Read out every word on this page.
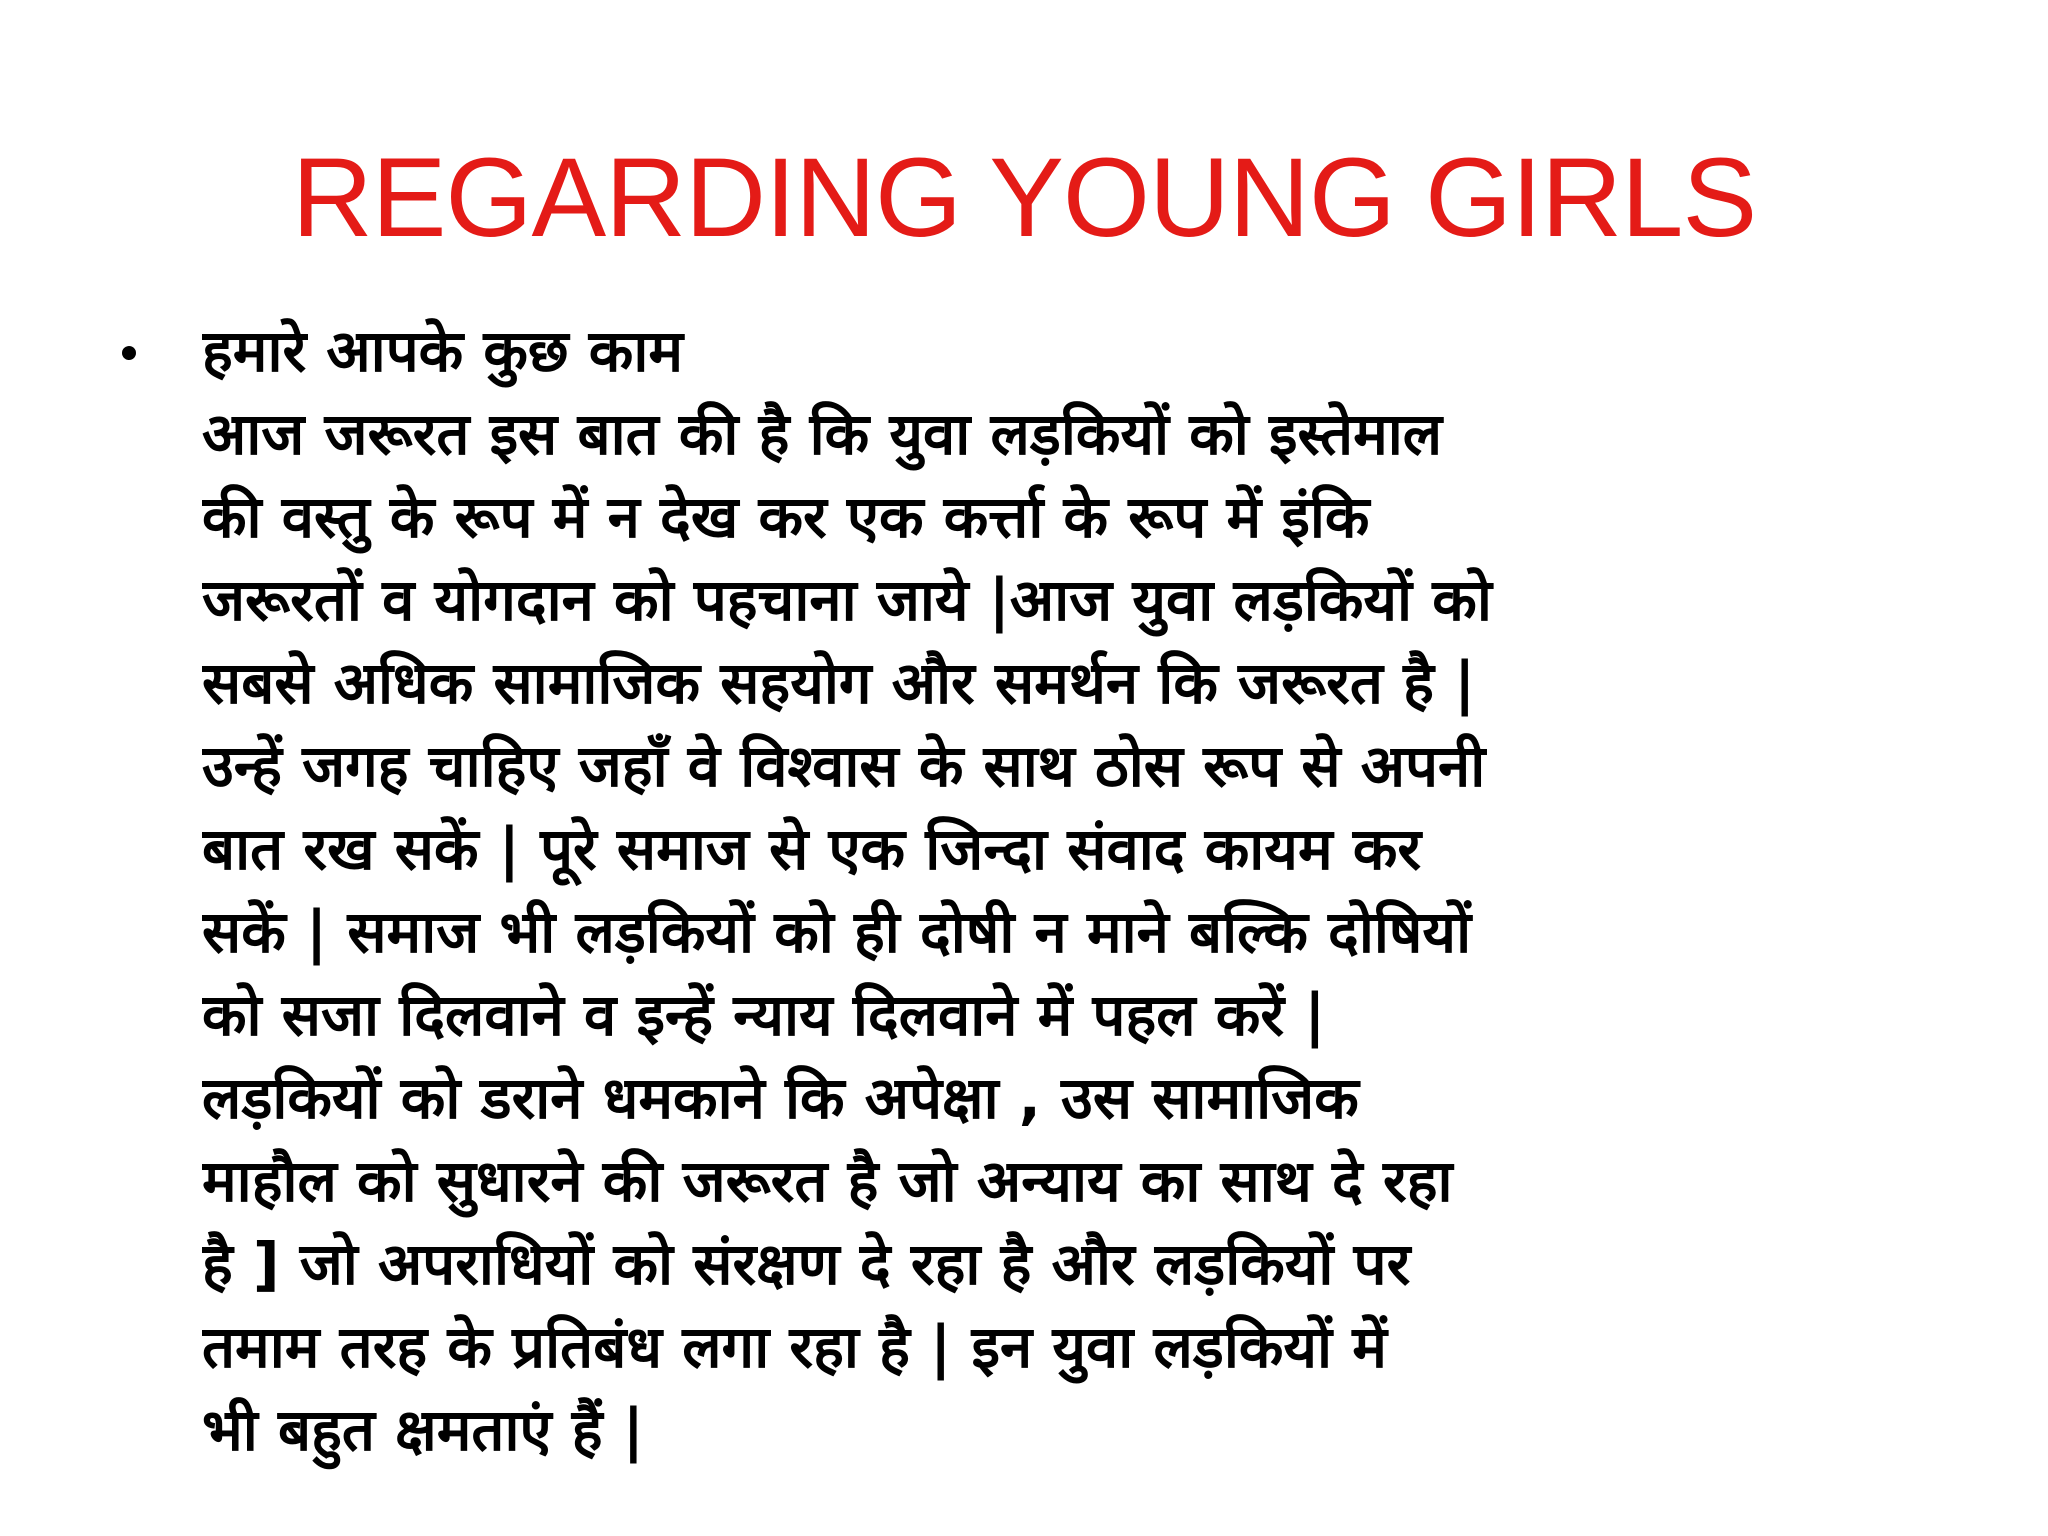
REGARDING YOUNG GIRLS
हमारे आपके कुछ काम
आज जरूरत इस बात की है कि युवा लड़कियों को इस्तेमाल
की वस्तु के रूप में न देख कर एक कर्त्ता के रूप में इंकि
जरूरतों व योगदान को पहचाना जाये |आज युवा लड़कियों को
सबसे अधिक सामाजिक सहयोग और समर्थन कि जरूरत है |
उन्हें जगह चाहिए जहाँ वे विश्वास के साथ ठोस रूप से अपनी
बात रख सकें | पूरे समाज से एक जिन्दा संवाद कायम कर
सकें | समाज भी लड़कियों को ही दोषी न माने बल्कि दोषियों
को सजा दिलवाने व इन्हें न्याय दिलवाने में पहल करें |
लड़कियों को डराने धमकाने कि अपेक्षा , उस सामाजिक
माहौल को सुधारने की जरूरत है जो अन्याय का साथ दे रहा
है ] जो अपराधियों को संरक्षण दे रहा है और लड़कियों पर
तमाम तरह के प्रतिबंध लगा रहा है | इन युवा लड़कियों में
भी बहुत क्षमताएं हैं |
